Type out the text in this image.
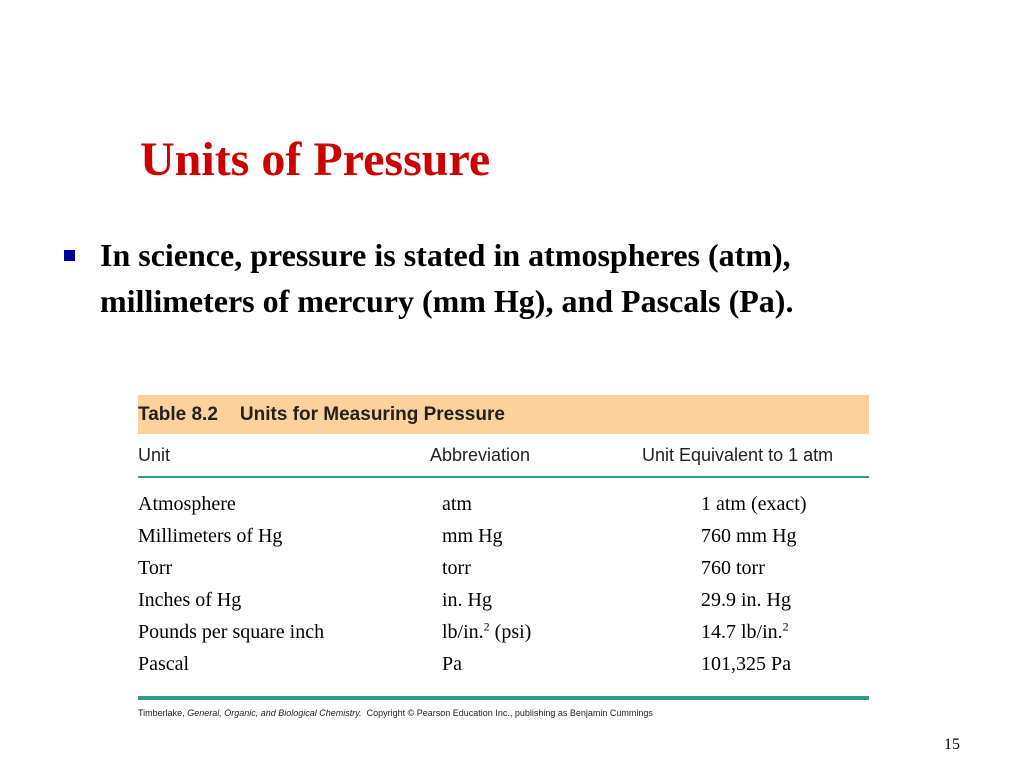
Units of Pressure
In science, pressure is stated in atmospheres (atm), millimeters of mercury (mm Hg), and Pascals (Pa).
Table 8.2 Units for Measuring Pressure
Unit	Abbreviation	Unit Equivalent to 1 atm
Atmosphere	atm	1 atm (exact)
Millimeters of Hg	mm Hg	760 mm Hg
Torr	torr	760 torr
Inches of Hg	in. Hg	29.9 in. Hg
Pounds per square inch	lb/in.$^2$ (psi)	14.7 lb/in.$^2$
Pascal	Pa	101,325 Pa
Timberlake, General, Organic, and Biological Chemistry.  Copyright © Pearson Education Inc., publishing as Benjamin Cummings
15
